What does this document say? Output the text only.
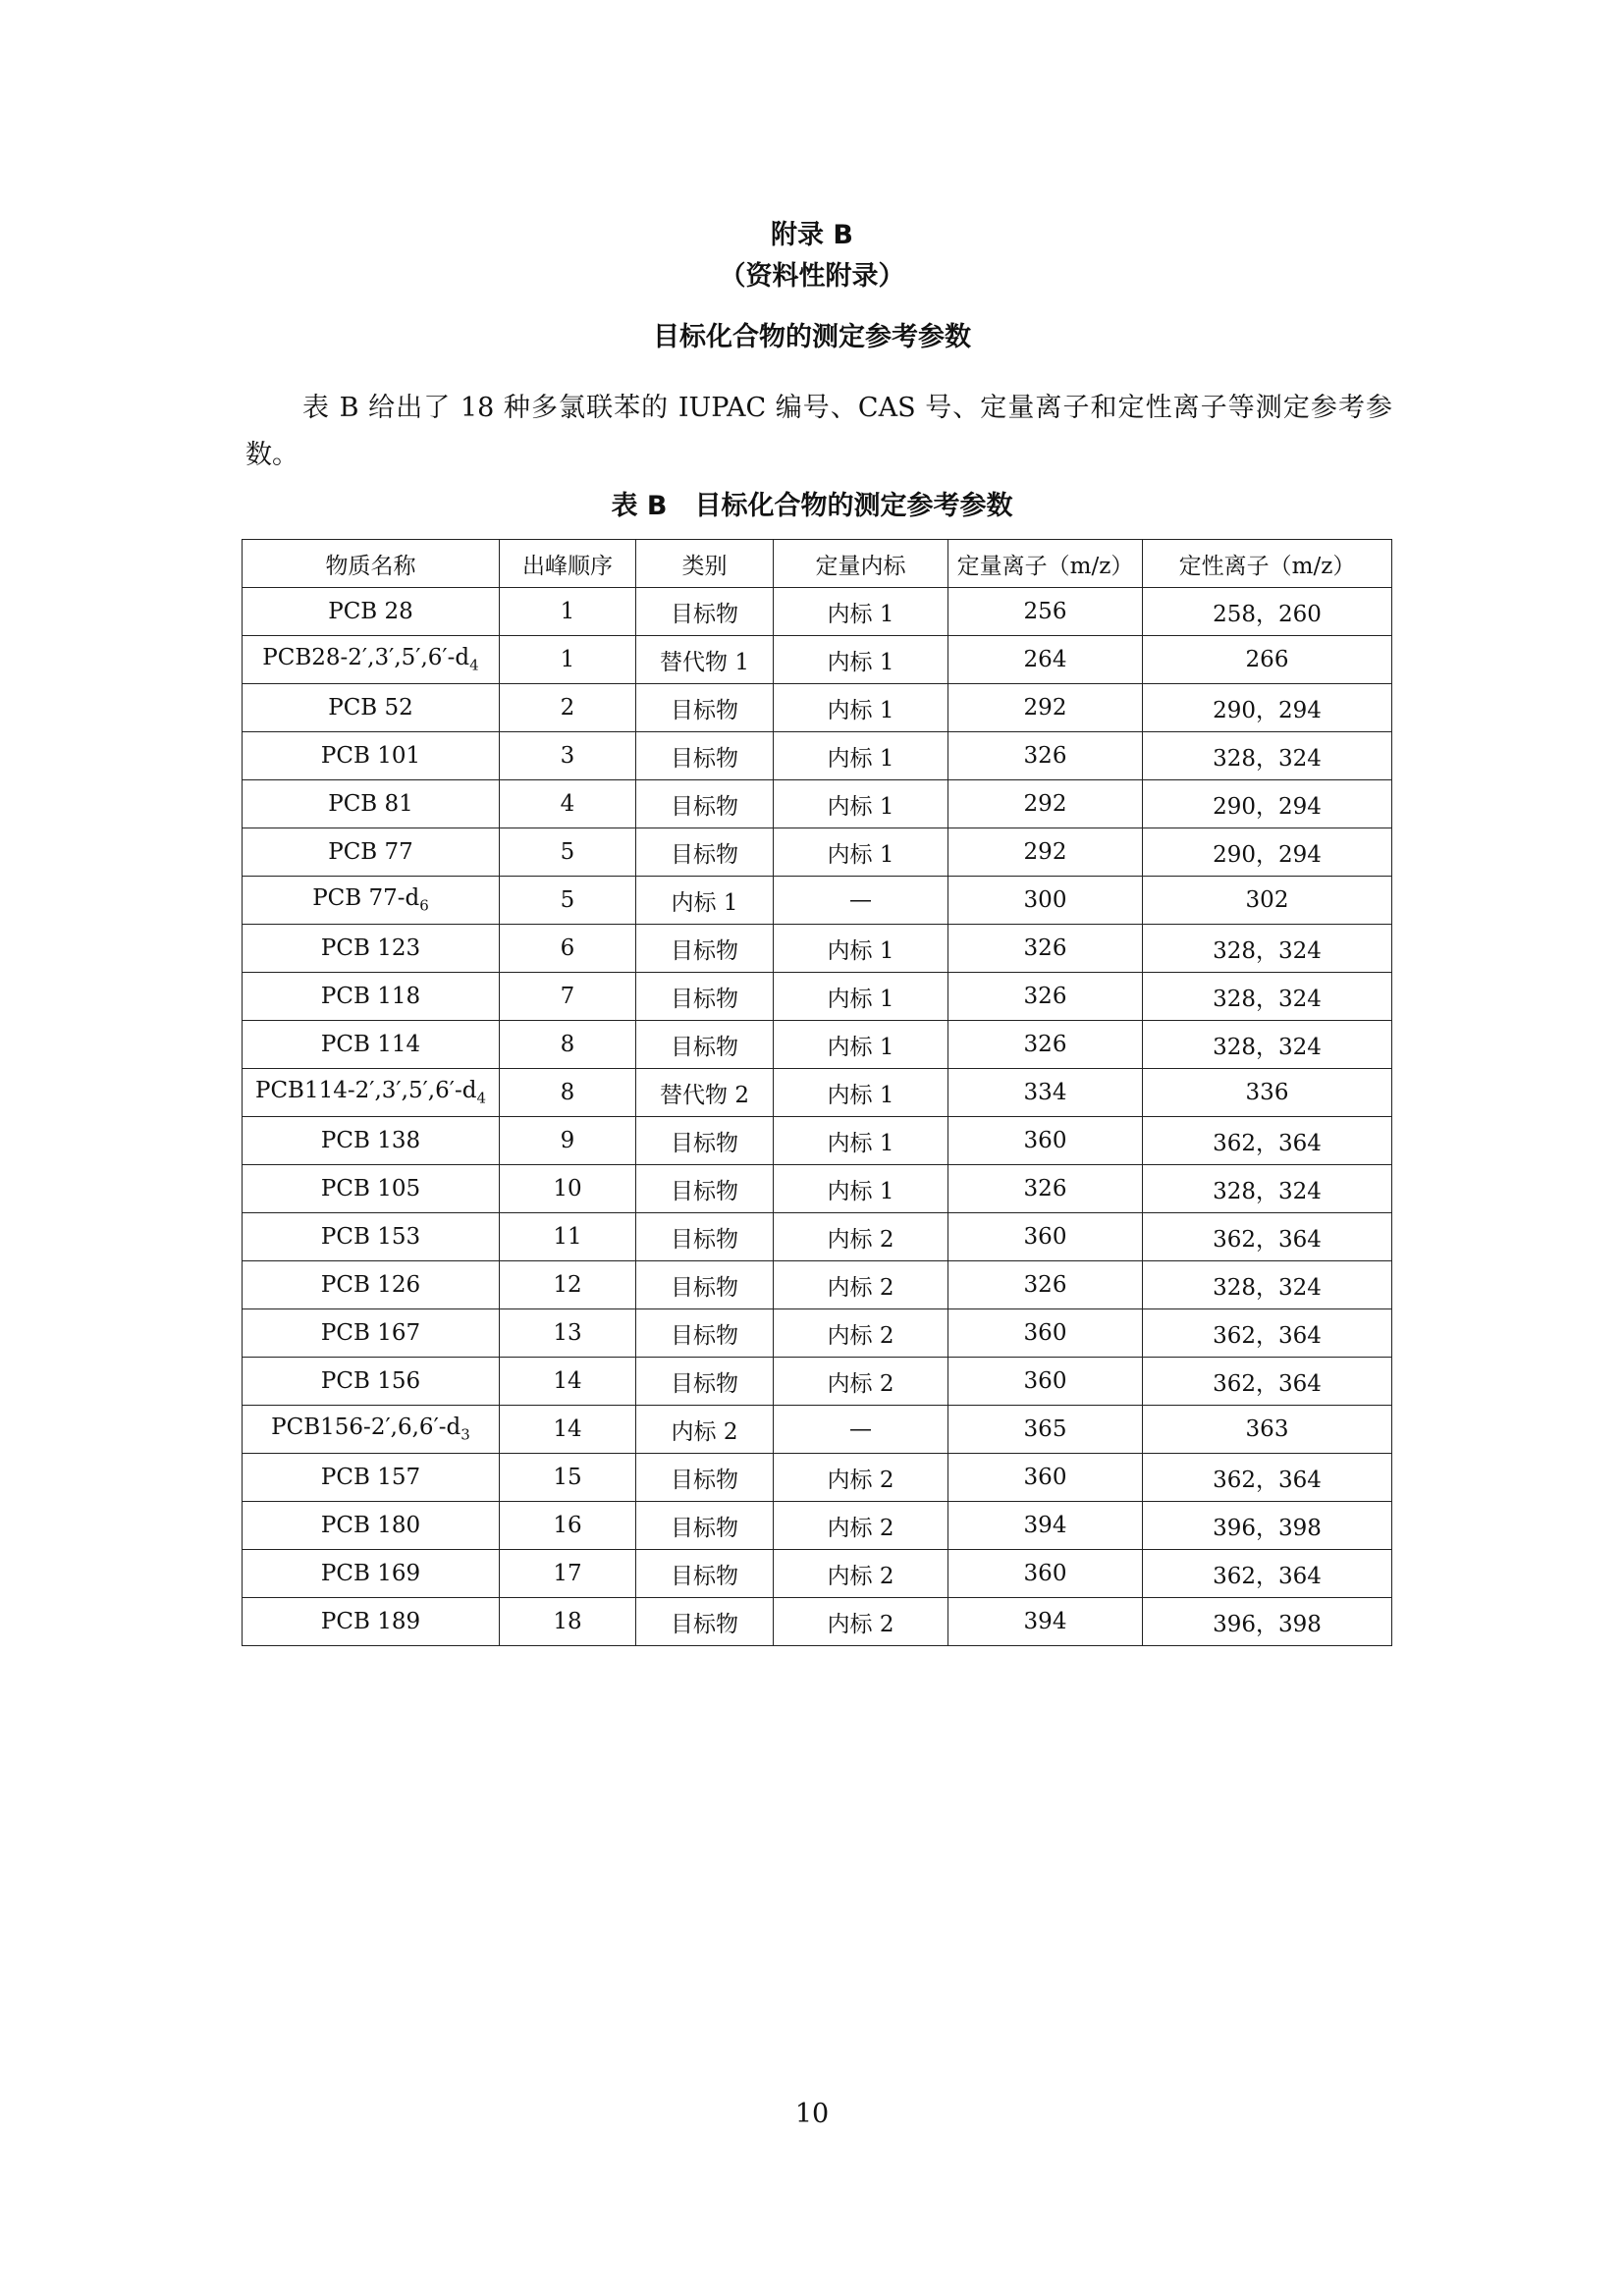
附录 B
（资料性附录）
目标化合物的测定参考参数
表 B 给出了 18 种多氯联苯的 IUPAC 编号、CAS 号、定量离子和定性离子等测定参考参数。
表 B 目标化合物的测定参考参数
物质名称	出峰顺序	类别	定量内标	定量离子（m/z）	定性离子（m/z）
PCB 28	1	目标物	内标 1	256	258，260
$PCB28-2',3',5',6'-d_4$	1	替代物 1	内标 1	264	266
PCB 52	2	目标物	内标 1	292	290，294
PCB 101	3	目标物	内标 1	326	328，324
PCB 81	4	目标物	内标 1	292	290，294
PCB 77	5	目标物	内标 1	292	290，294
PCB $77-d_6$	5	内标 1	—	300	302
PCB 123	6	目标物	内标 1	326	328，324
PCB 118	7	目标物	内标 1	326	328，324
PCB 114	8	目标物	内标 1	326	328，324
$PCB114-2',3',5',6'-d_4$	8	替代物 2	内标 1	334	336
PCB 138	9	目标物	内标 1	360	362，364
PCB 105	10	目标物	内标 1	326	328，324
PCB 153	11	目标物	内标 2	360	362，364
PCB 126	12	目标物	内标 2	326	328，324
PCB 167	13	目标物	内标 2	360	362，364
PCB 156	14	目标物	内标 2	360	362，364
$PCB156-2',6,6'-d_3$	14	内标 2	—	365	363
PCB 157	15	目标物	内标 2	360	362，364
PCB 180	16	目标物	内标 2	394	396，398
PCB 169	17	目标物	内标 2	360	362，364
PCB 189	18	目标物	内标 2	394	396，398
10
